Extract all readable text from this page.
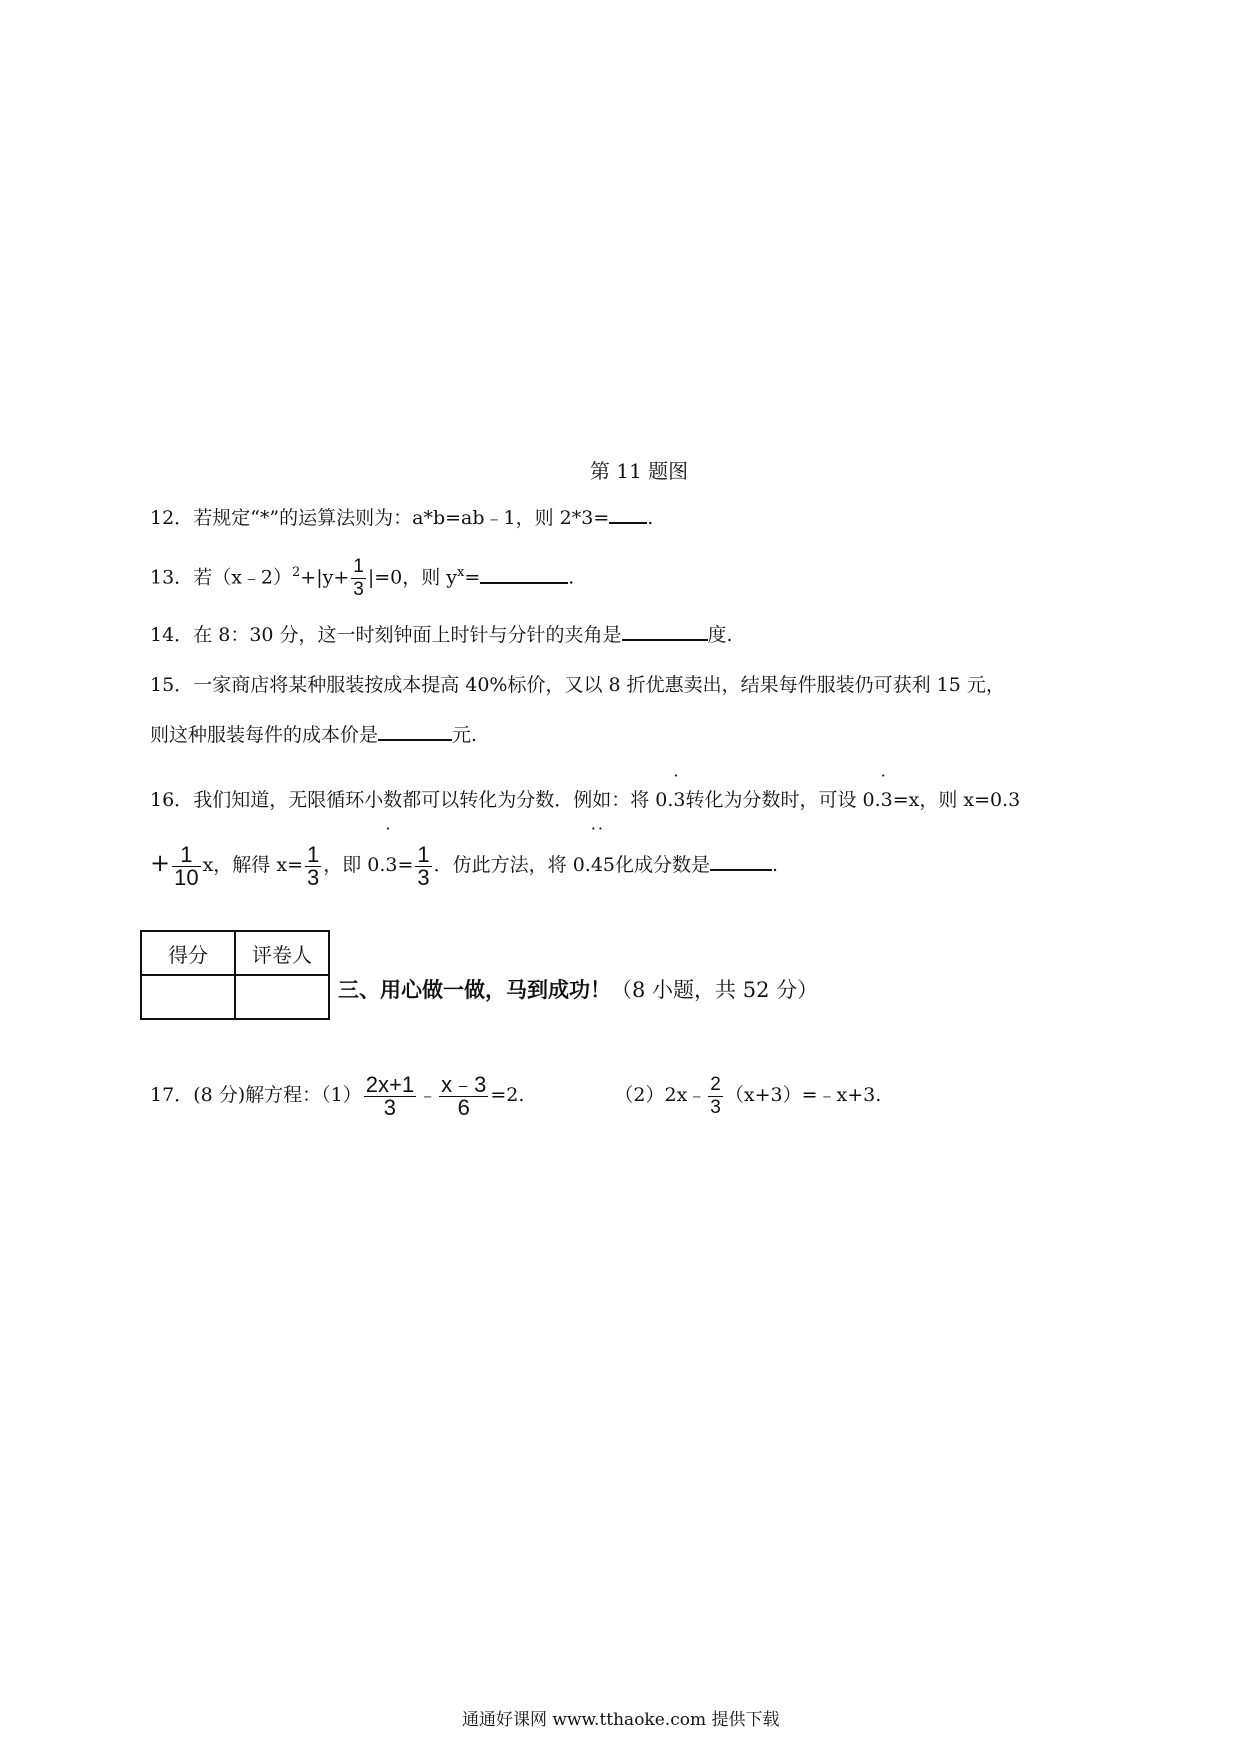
第 11 题图
12．若规定“*”的运算法则为：a*b=ab﹣1，则 2*3= .
13．若（x﹣2）$^2$+|y+ $\frac{1}{3} |=0$，则 $y^x=$	.
14．在 8：30 分，这一时刻钟面上时针与分针的夹角是	度.
15．一家商店将某种服装按成本提高 40%标价，又以 8 折优惠卖出，结果每件服装仍可获利 15 元，
则这种服装每件的成本价是	元.
16．我们知道，无限循环小数都可以转化为分数．例如：将 0.
·
3转化为分数时，可设 0.
·
3=x，则 x=0.3
+ $\frac{1}{10}$ x，解得 $x= \frac{1}{3}$ ，即 0.
·
$3= \frac{1}{3}$ ．仿此方法，将 0.
··
45化成分数是	.
得分	评卷人

三、用心做一做，马到成功！（8 小题，共 52 分）
17．(8 分)解方程：$(1) \frac{2x+1}{3}$ ﹣ $\frac{x﹣3}{6} =2$.	（2）2x﹣ $\frac{2}{3}$ （x+3）=﹣x+3.
通通好课网 www.tthaoke.com 提供下载
